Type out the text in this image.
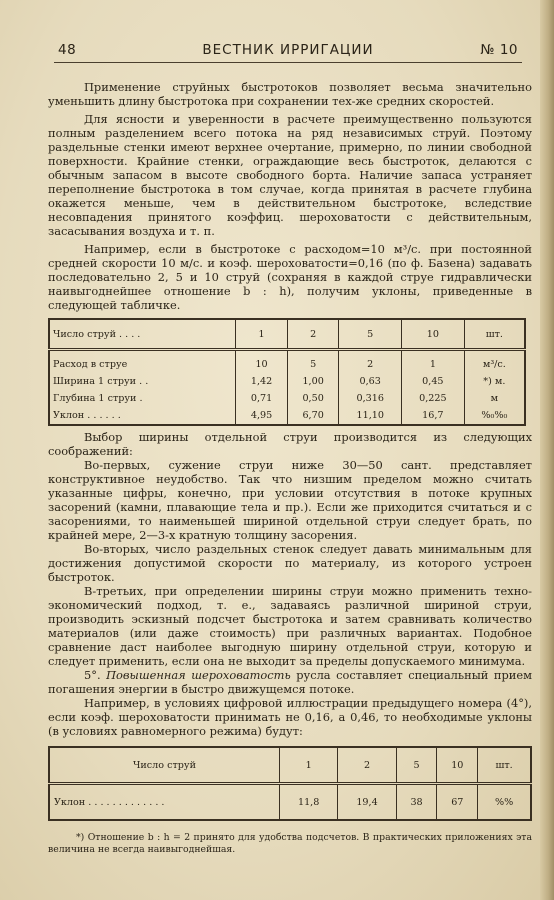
48	ВЕСТНИК ИРРИГАЦИИ	№ 10

Применение струйных быстротоков позволяет весьма значительно уменьшить длину быстротока при сохранении тех-же средних скоростей.

Для ясности и уверенности в расчете преимущественно пользуются полным разделением всего потока на ряд независимых струй. Поэтому раздельные стенки имеют верхнее очертание, примерно, по линии свободной поверхности. Крайние стенки, ограждающие весь быстроток, делаются с обычным запасом в высоте свободного борта. Наличие запаса устраняет переполнение быстротока в том случае, когда принятая в расчете глубина окажется меньше, чем в действительном быстротоке, вследствие несовпадения принятого коэффиц. шероховатости с действительным, засасывания воздуха и т. п.

Например, если в быстротоке с расходом=10 м³/с. при постоянной средней скорости 10 м/с. и коэф. шероховатости=0,16 (по ф. Базена) задавать последовательно 2, 5 и 10 струй (сохраняя в каждой струе гидравлически наивыгоднейшее отношение b : h), получим уклоны, приведенные в следующей табличке.

Число струй . . . .	1	2	5	10	шт.
Расход в струе	10	5	2	1	м³/с.
Ширина 1 струи . .	1,42	1,00	0,63	0,45	*) м.
Глубина 1 струи .	0,71	0,50	0,316	0,225	м
Уклон . . . . . .	4,95	6,70	11,10	16,7	%₀%₀

Выбор ширины отдельной струи производится из следующих соображений:

Во-первых, сужение струи ниже 30—50 сант. представляет конструктивное неудобство. Так что низшим пределом можно считать указанные цифры, конечно, при условии отсутствия в потоке крупных засорений (камни, плавающие тела и пр.). Если же приходится считаться и с засорениями, то наименьшей шириной отдельной струи следует брать, по крайней мере, 2—3-х кратную толщину засорения.

Во-вторых, число раздельных стенок следует давать минимальным для достижения допустимой скорости по материалу, из которого устроен быстроток.

В-третьих, при определении ширины струи можно применить техно-экономический подход, т. е., задаваясь различной шириной струи, производить эскизный подсчет быстротока и затем сравнивать количество материалов (или даже стоимость) при различных вариантах. Подобное сравнение даст наиболее выгодную ширину отдельной струи, которую и следует применить, если она не выходит за пределы допускаемого минимума.

5°. Повышенная шероховатость русла составляет специальный прием погашения энергии в быстро движущемся потоке.

Например, в условиях цифровой иллюстрации предыдущего номера (4°), если коэф. шероховатости принимать не 0,16, а 0,46, то необходимые уклоны (в условиях равномерного режима) будут:

Число струй	1	2	5	10	шт.
Уклон . . . . . . . . . . . . .	11,8	19,4	38	67	%%
*) Отношение b : h = 2 принято для удобства подсчетов. В практических приложениях эта величина не всегда наивыгоднейшая.
